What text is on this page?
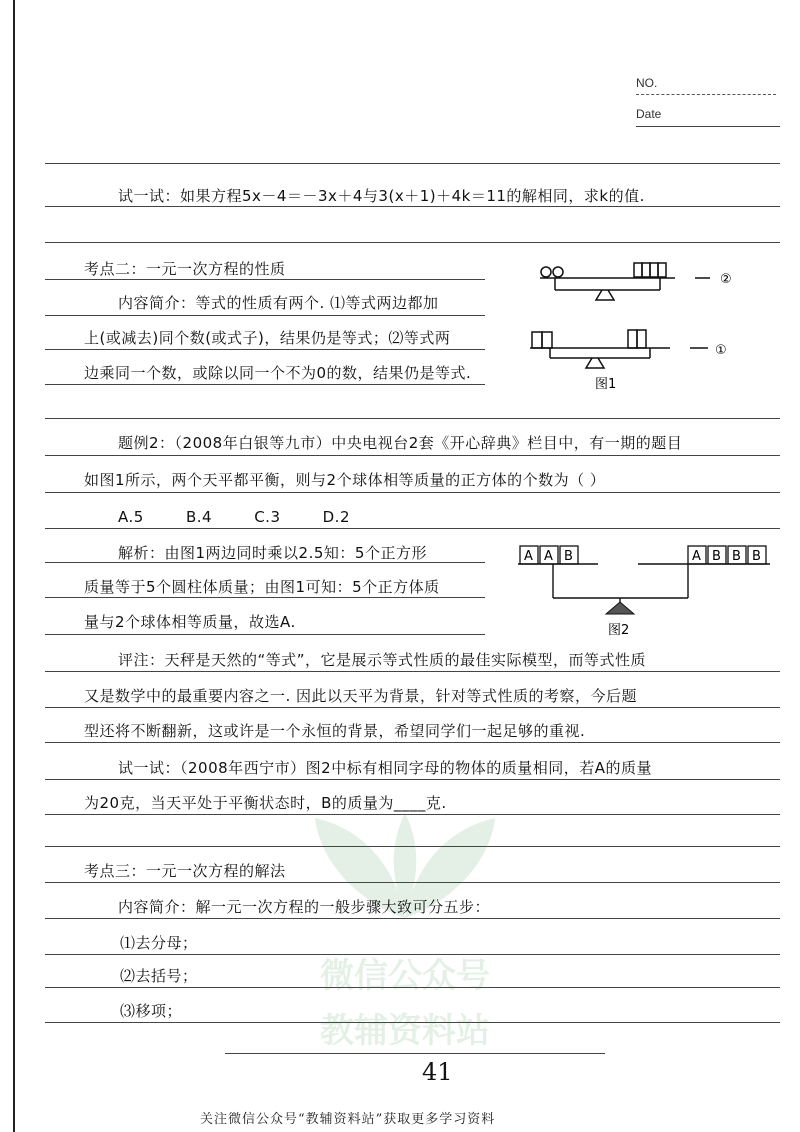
NO.
Date
微信公众号
教辅资料站
试一试：如果方程5x－4＝－3x＋4与3(x＋1)＋4k＝11的解相同，求k的值.
考点二：一元一次方程的性质
内容简介：等式的性质有两个. ⑴等式两边都加
上(或减去)同个数(或式子)，结果仍是等式；⑵等式两
边乘同一个数，或除以同一个不为0的数，结果仍是等式.
题例2：（2008年白银等九市）中央电视台2套《开心辞典》栏目中，有一期的题目
如图1所示，两个天平都平衡，则与2个球体相等质量的正方体的个数为（ ）
A.5        B.4        C.3        D.2
解析：由图1两边同时乘以2.5知：5个正方形
质量等于5个圆柱体质量；由图1可知：5个正方体质
量与2个球体相等质量，故选A.
评注：天秤是天然的“等式”，它是展示等式性质的最佳实际模型，而等式性质
又是数学中的最重要内容之一. 因此以天平为背景，针对等式性质的考察，今后题
型还将不断翻新，这或许是一个永恒的背景，希望同学们一起足够的重视.
试一试：（2008年西宁市）图2中标有相同字母的物体的质量相同，若A的质量
为20克，当天平处于平衡状态时，B的质量为____克.
考点三：一元一次方程的解法
内容简介：解一元一次方程的一般步骤大致可分五步：
⑴去分母；
⑵去括号；
⑶移项；
②
①
图1
A A B	A B B B
图2
41
关注微信公众号“教辅资料站”获取更多学习资料
